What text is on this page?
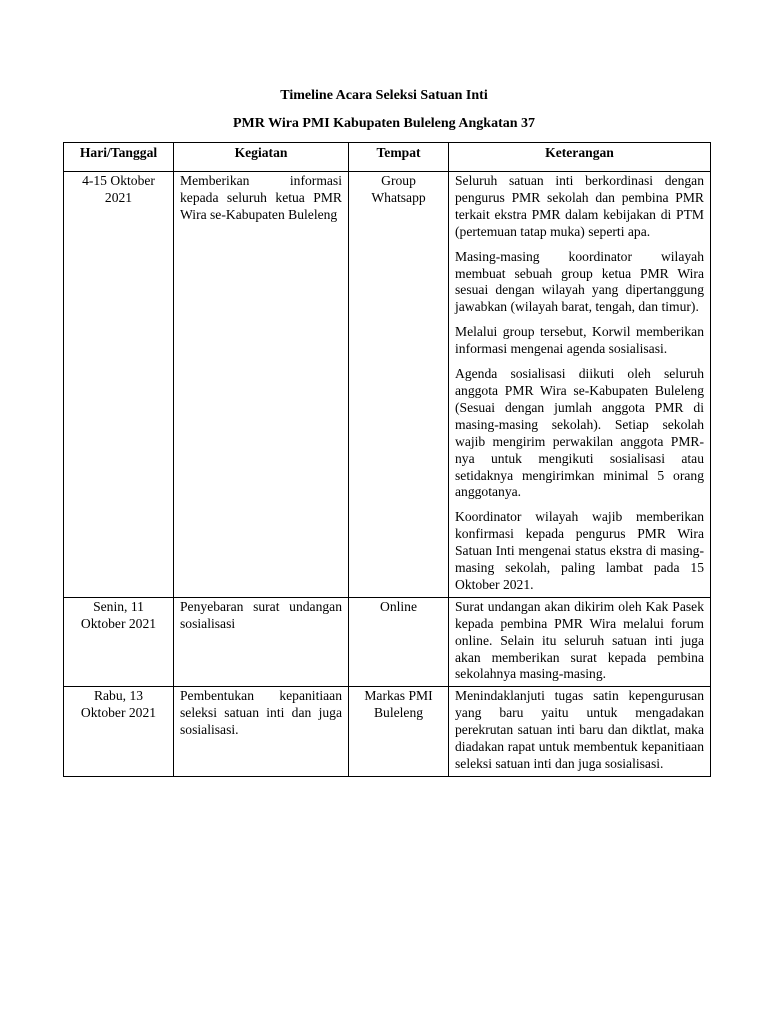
Timeline Acara Seleksi Satuan Inti
PMR Wira PMI Kabupaten Buleleng Angkatan 37
Hari/Tanggal	Kegiatan	Tempat	Keterangan
4-15 Oktober 2021	Memberikan informasi kepada seluruh ketua PMR Wira se-Kabupaten Buleleng	Group Whatsapp	Seluruh satuan inti berkordinasi dengan pengurus PMR sekolah dan pembina PMR terkait ekstra PMR dalam kebijakan di PTM (pertemuan tatap muka) seperti apa.

Masing-masing koordinator wilayah membuat sebuah group ketua PMR Wira sesuai dengan wilayah yang dipertanggung jawabkan (wilayah barat, tengah, dan timur).

Melalui group tersebut, Korwil memberikan informasi mengenai agenda sosialisasi.

Agenda sosialisasi diikuti oleh seluruh anggota PMR Wira se-Kabupaten Buleleng (Sesuai dengan jumlah anggota PMR di masing-masing sekolah). Setiap sekolah wajib mengirim perwakilan anggota PMR-nya untuk mengikuti sosialisasi atau setidaknya mengirimkan minimal 5 orang anggotanya.

Koordinator wilayah wajib memberikan konfirmasi kepada pengurus PMR Wira Satuan Inti mengenai status ekstra di masing-masing sekolah, paling lambat pada 15 Oktober 2021.

Senin, 11 Oktober 2021	Penyebaran surat undangan sosialisasi	Online	Surat undangan akan dikirim oleh Kak Pasek kepada pembina PMR Wira melalui forum online. Selain itu seluruh satuan inti juga akan memberikan surat kepada pembina sekolahnya masing-masing.

Rabu, 13 Oktober 2021	Pembentukan kepanitiaan seleksi satuan inti dan juga sosialisasi.	Markas PMI Buleleng	Menindaklanjuti tugas satin kepengurusan yang baru yaitu untuk mengadakan perekrutan satuan inti baru dan diktlat, maka diadakan rapat untuk membentuk kepanitiaan seleksi satuan inti dan juga sosialisasi.
